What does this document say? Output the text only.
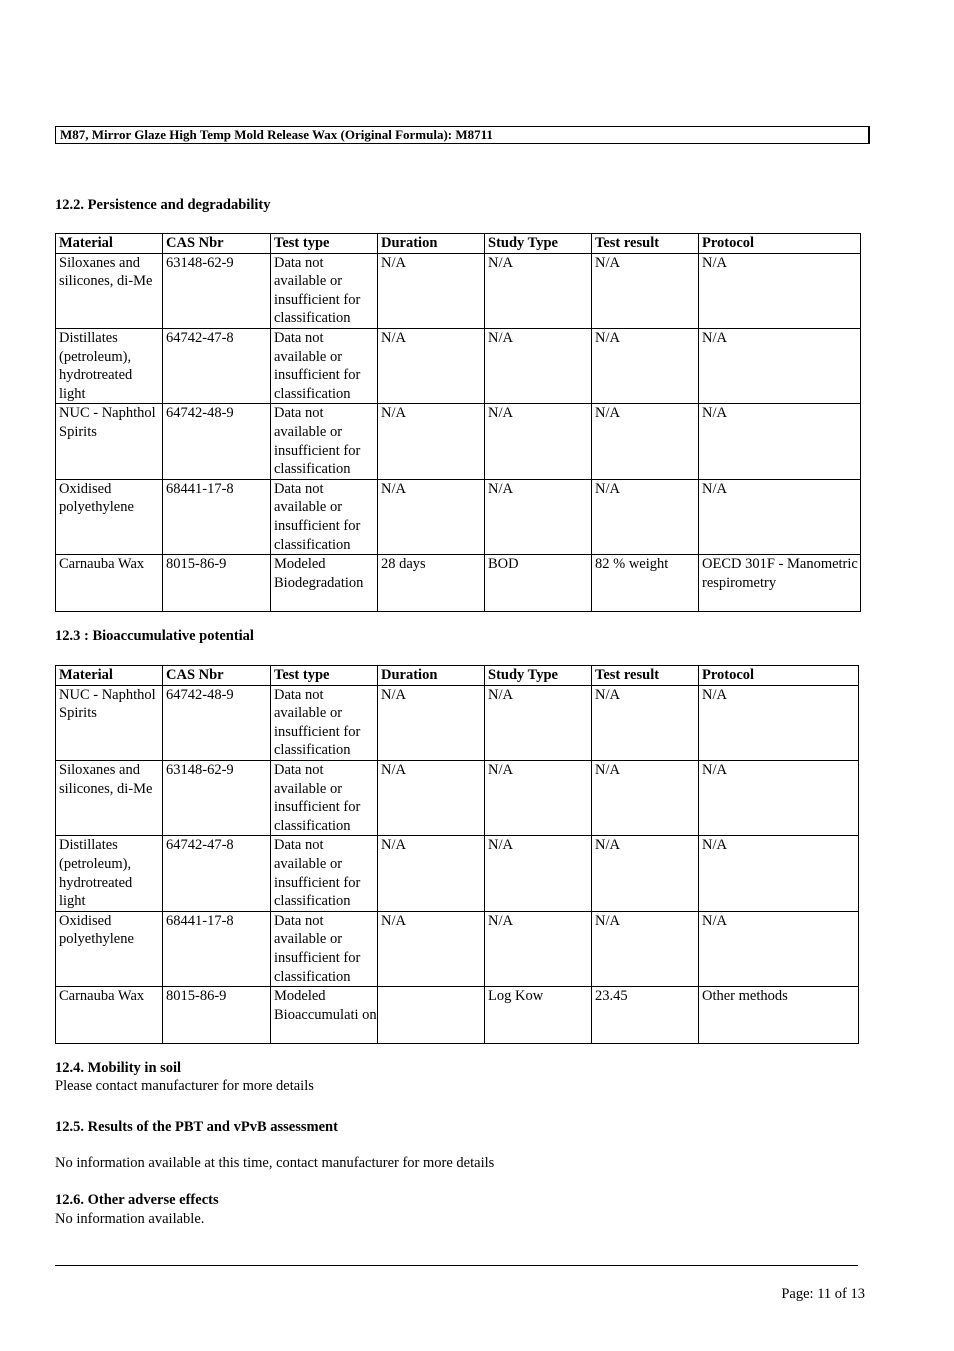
M87, Mirror Glaze High Temp Mold Release Wax (Original Formula): M8711
12.2. Persistence and degradability
Material	CAS Nbr	Test type	Duration	Study Type	Test result	Protocol
Siloxanes and silicones, di-Me	63148-62-9	Data not available or insufficient for classification	N/A	N/A	N/A	N/A
Distillates (petroleum), hydrotreated light	64742-47-8	Data not available or insufficient for classification	N/A	N/A	N/A	N/A
NUC - Naphthol Spirits	64742-48-9	Data not available or insufficient for classification	N/A	N/A	N/A	N/A
Oxidised polyethylene	68441-17-8	Data not available or insufficient for classification	N/A	N/A	N/A	N/A
Carnauba Wax	8015-86-9	Modeled Biodegradation	28 days	BOD	82 % weight	OECD 301F - Manometric respirometry
12.3 : Bioaccumulative potential
Material	CAS Nbr	Test type	Duration	Study Type	Test result	Protocol
NUC - Naphthol Spirits	64742-48-9	Data not available or insufficient for classification	N/A	N/A	N/A	N/A
Siloxanes and silicones, di-Me	63148-62-9	Data not available or insufficient for classification	N/A	N/A	N/A	N/A
Distillates (petroleum), hydrotreated light	64742-47-8	Data not available or insufficient for classification	N/A	N/A	N/A	N/A
Oxidised polyethylene	68441-17-8	Data not available or insufficient for classification	N/A	N/A	N/A	N/A
Carnauba Wax	8015-86-9	Modeled Bioaccumulati on		Log Kow	23.45	Other methods
12.4. Mobility in soil
Please contact manufacturer for more details
12.5. Results of the PBT and vPvB assessment
No information available at this time, contact manufacturer for more details
12.6. Other adverse effects
No information available.
Page: 11 of 13
